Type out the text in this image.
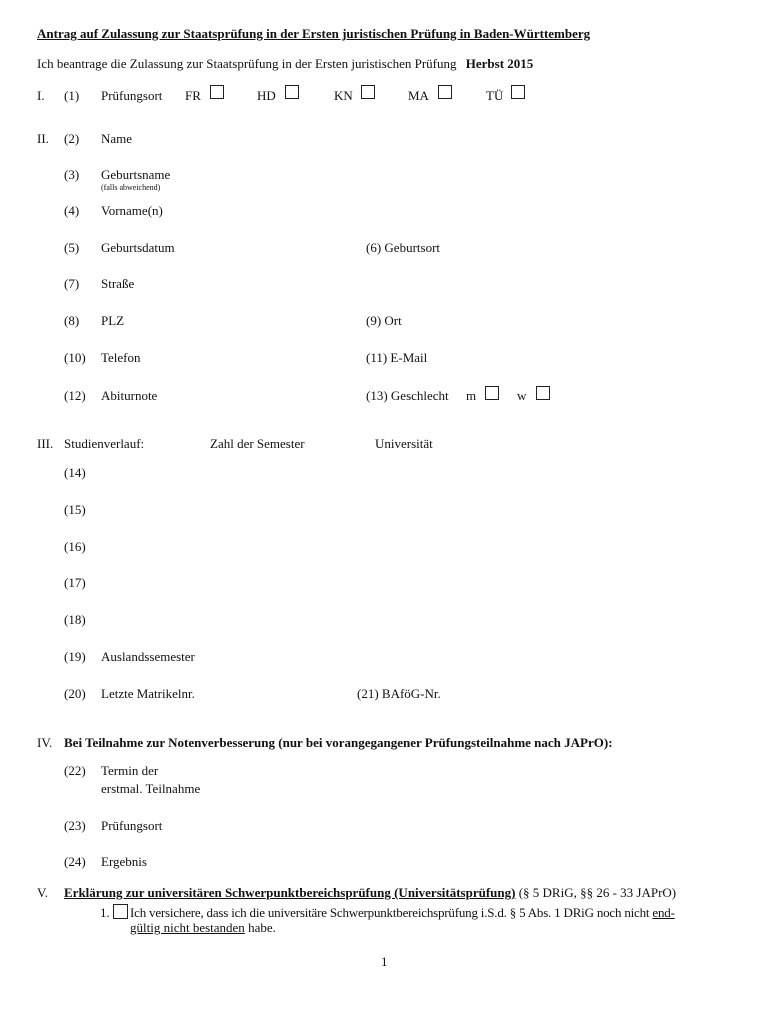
Antrag auf Zulassung zur Staatsprüfung in der Ersten juristischen Prüfung in Baden-Württemberg
Ich beantrage die Zulassung zur Staatsprüfung in der Ersten juristischen Prüfung Herbst 2015
I. (1) Prüfungsort FR	HD	KN	MA	TÜ
II. (2) Name
(3) Geburtsname
(falls abweichend)
(4) Vorname(n)
(5) Geburtsdatum	(6) Geburtsort
(7) Straße
(8) PLZ	(9) Ort
(10) Telefon	(11) E-Mail
(12) Abiturnote	(13) Geschlecht m	w
III. Studienverlauf:	Zahl der Semester	Universität
(14)
(15)
(16)
(17)
(18)
(19) Auslandssemester
(20) Letzte Matrikelnr.	(21) BAföG-Nr.
IV. Bei Teilnahme zur Notenverbesserung (nur bei vorangegangener Prüfungsteilnahme nach JAPrO):
(22) Termin der
erstmal. Teilnahme
(23) Prüfungsort
(24) Ergebnis
V. Erklärung zur universitären Schwerpunktbereichsprüfung (Universitätsprüfung) (§ 5 DRiG, §§ 26 - 33 JAPrO)
1. Ich versichere, dass ich die universitäre Schwerpunktbereichsprüfung i.S.d. § 5 Abs. 1 DRiG noch nicht end-
gültig nicht bestanden habe.
1
